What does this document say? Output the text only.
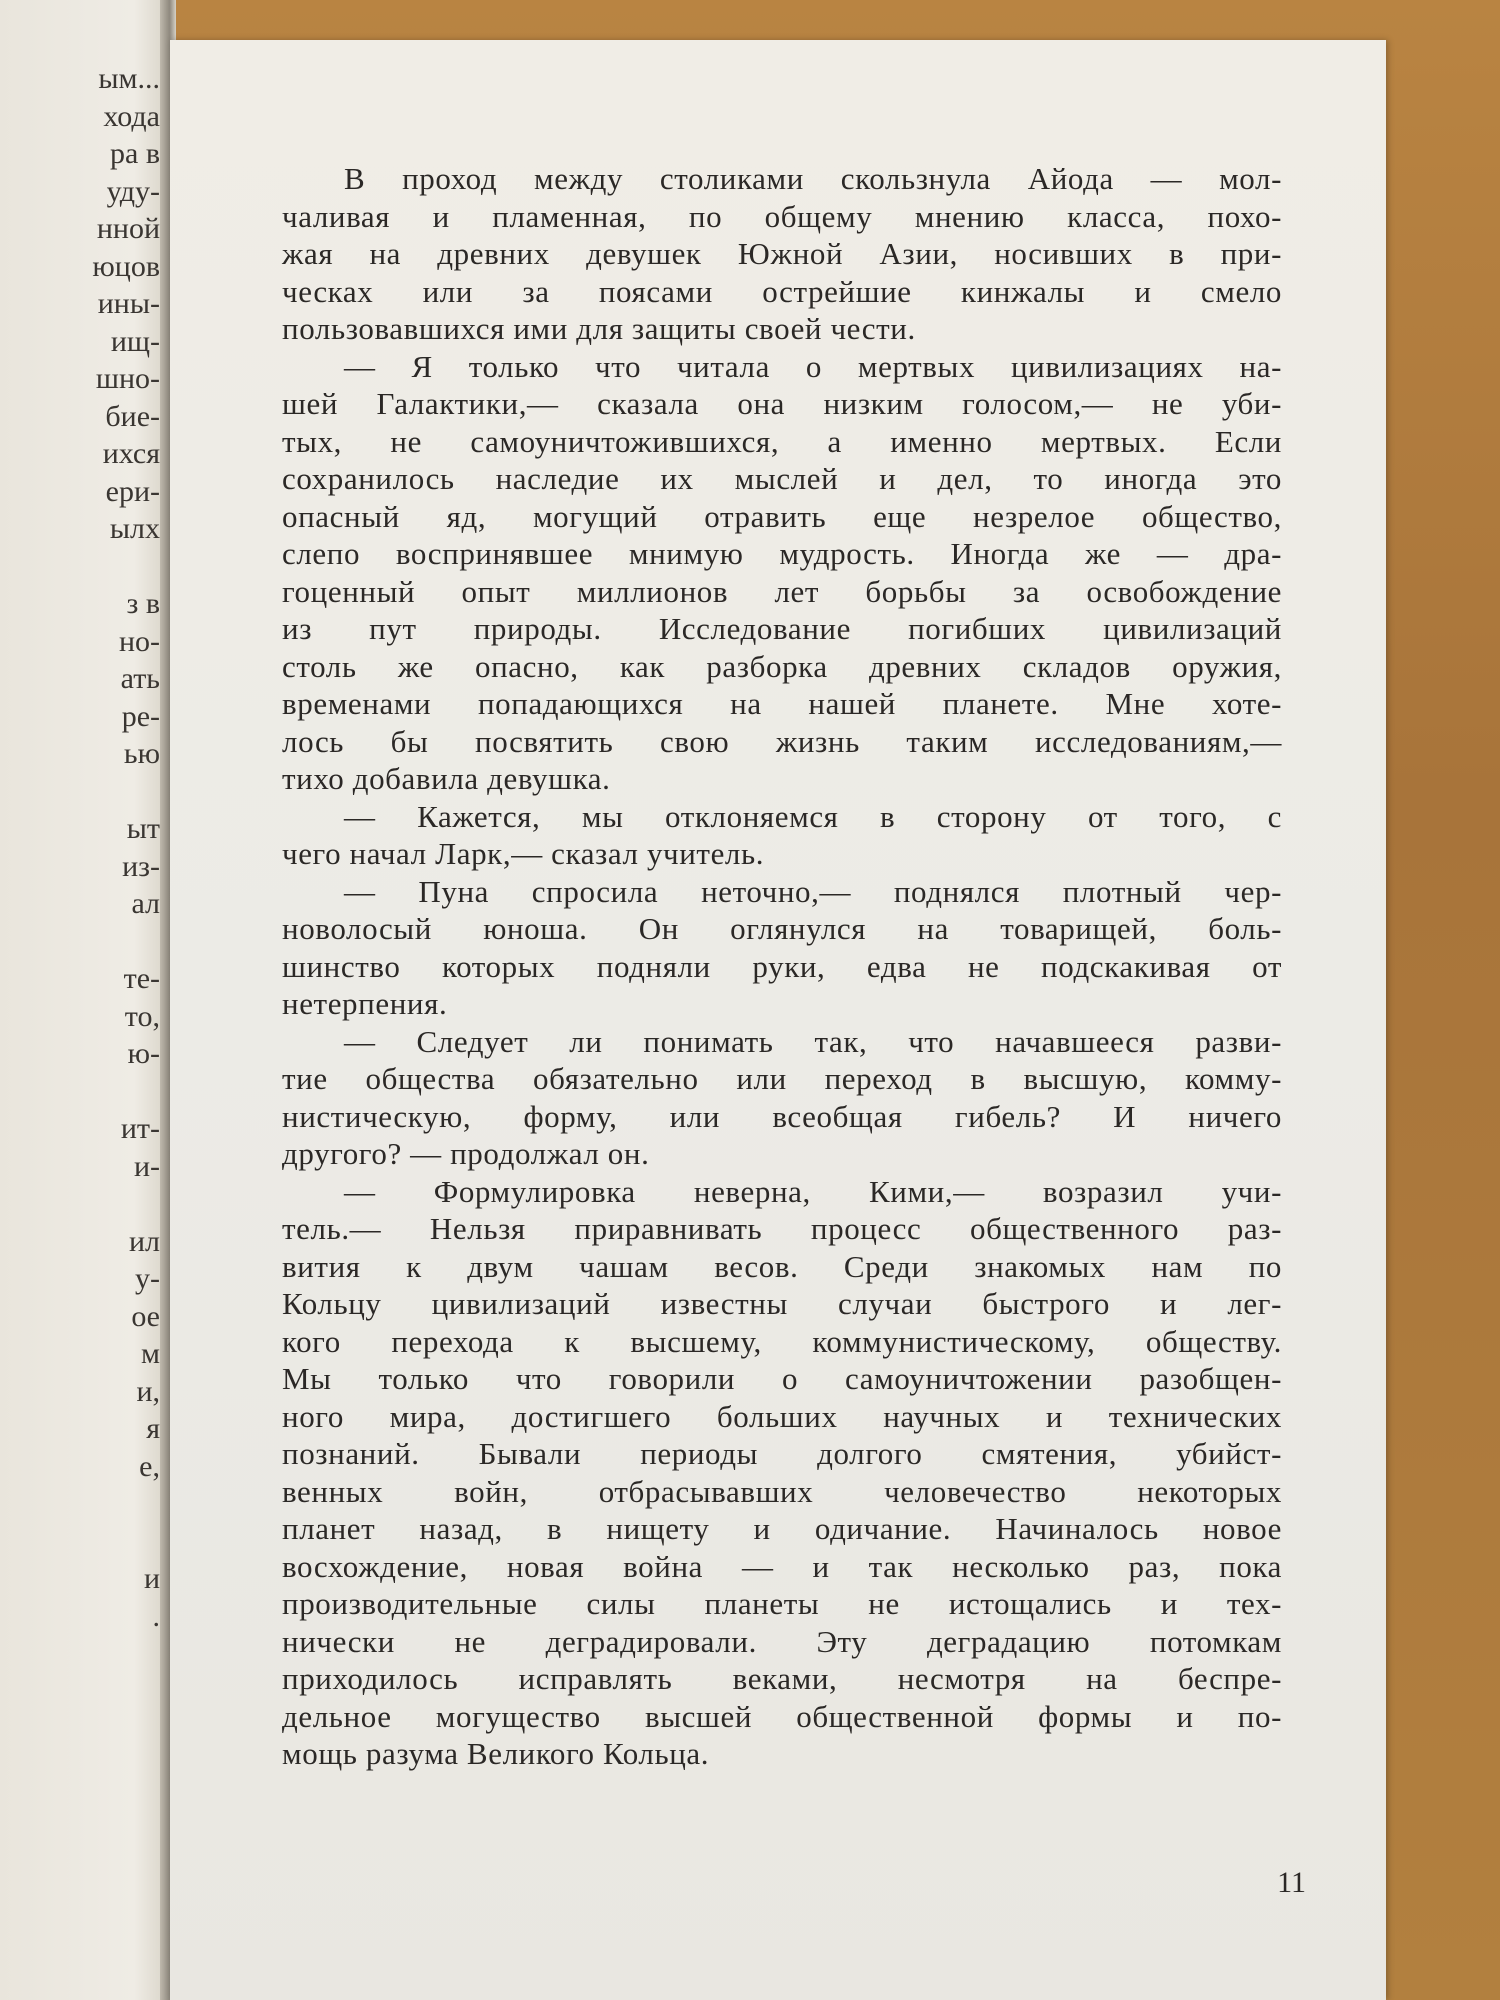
ым...
хода
ра в
удy-
нной
юцов
ины-
ищ-
шно-
бие-
ихся
ери-
ылх
з в
но-
ать
ре-
ью
ыт
из-
ал
те-
то,
ю-
ит-
и-
ил
у-
ое
м
и,
я
е,
и
.
В проход между столиками скользнула Айода — мол-
чаливая и пламенная, по общему мнению класса, похо-
жая на древних девушек Южной Азии, носивших в при-
ческах или за поясами острейшие кинжалы и смело
пользовавшихся ими для защиты своей чести.
— Я только что читала о мертвых цивилизациях на-
шей Галактики,— сказала она низким голосом,— не уби-
тых, не самоуничтожившихся, а именно мертвых. Если
сохранилось наследие их мыслей и дел, то иногда это
опасный яд, могущий отравить еще незрелое общество,
слепо воспринявшее мнимую мудрость. Иногда же — дра-
гоценный опыт миллионов лет борьбы за освобождение
из пут природы. Исследование погибших цивилизаций
столь же опасно, как разборка древних складов оружия,
временами попадающихся на нашей планете. Мне хоте-
лось бы посвятить свою жизнь таким исследованиям,—
тихо добавила девушка.
— Кажется, мы отклоняемся в сторону от того, с
чего начал Ларк,— сказал учитель.
— Пуна спросила неточно,— поднялся плотный чер-
новолосый юноша. Он оглянулся на товарищей, боль-
шинство которых подняли руки, едва не подскакивая от
нетерпения.
— Следует ли понимать так, что начавшееся разви-
тие общества обязательно или переход в высшую, комму-
нистическую, форму, или всеобщая гибель? И ничего
другого? — продолжал он.
— Формулировка неверна, Кими,— возразил учи-
тель.— Нельзя приравнивать процесс общественного раз-
вития к двум чашам весов. Среди знакомых нам по
Кольцу цивилизаций известны случаи быстрого и лег-
кого перехода к высшему, коммунистическому, обществу.
Мы только что говорили о самоуничтожении разобщен-
ного мира, достигшего больших научных и технических
познаний. Бывали периоды долгого смятения, убийст-
венных войн, отбрасывавших человечество некоторых
планет назад, в нищету и одичание. Начиналось новое
восхождение, новая война — и так несколько раз, пока
производительные силы планеты не истощались и тех-
нически не деградировали. Эту деградацию потомкам
приходилось исправлять веками, несмотря на беспре-
дельное могущество высшей общественной формы и по-
мощь разума Великого Кольца.
11
